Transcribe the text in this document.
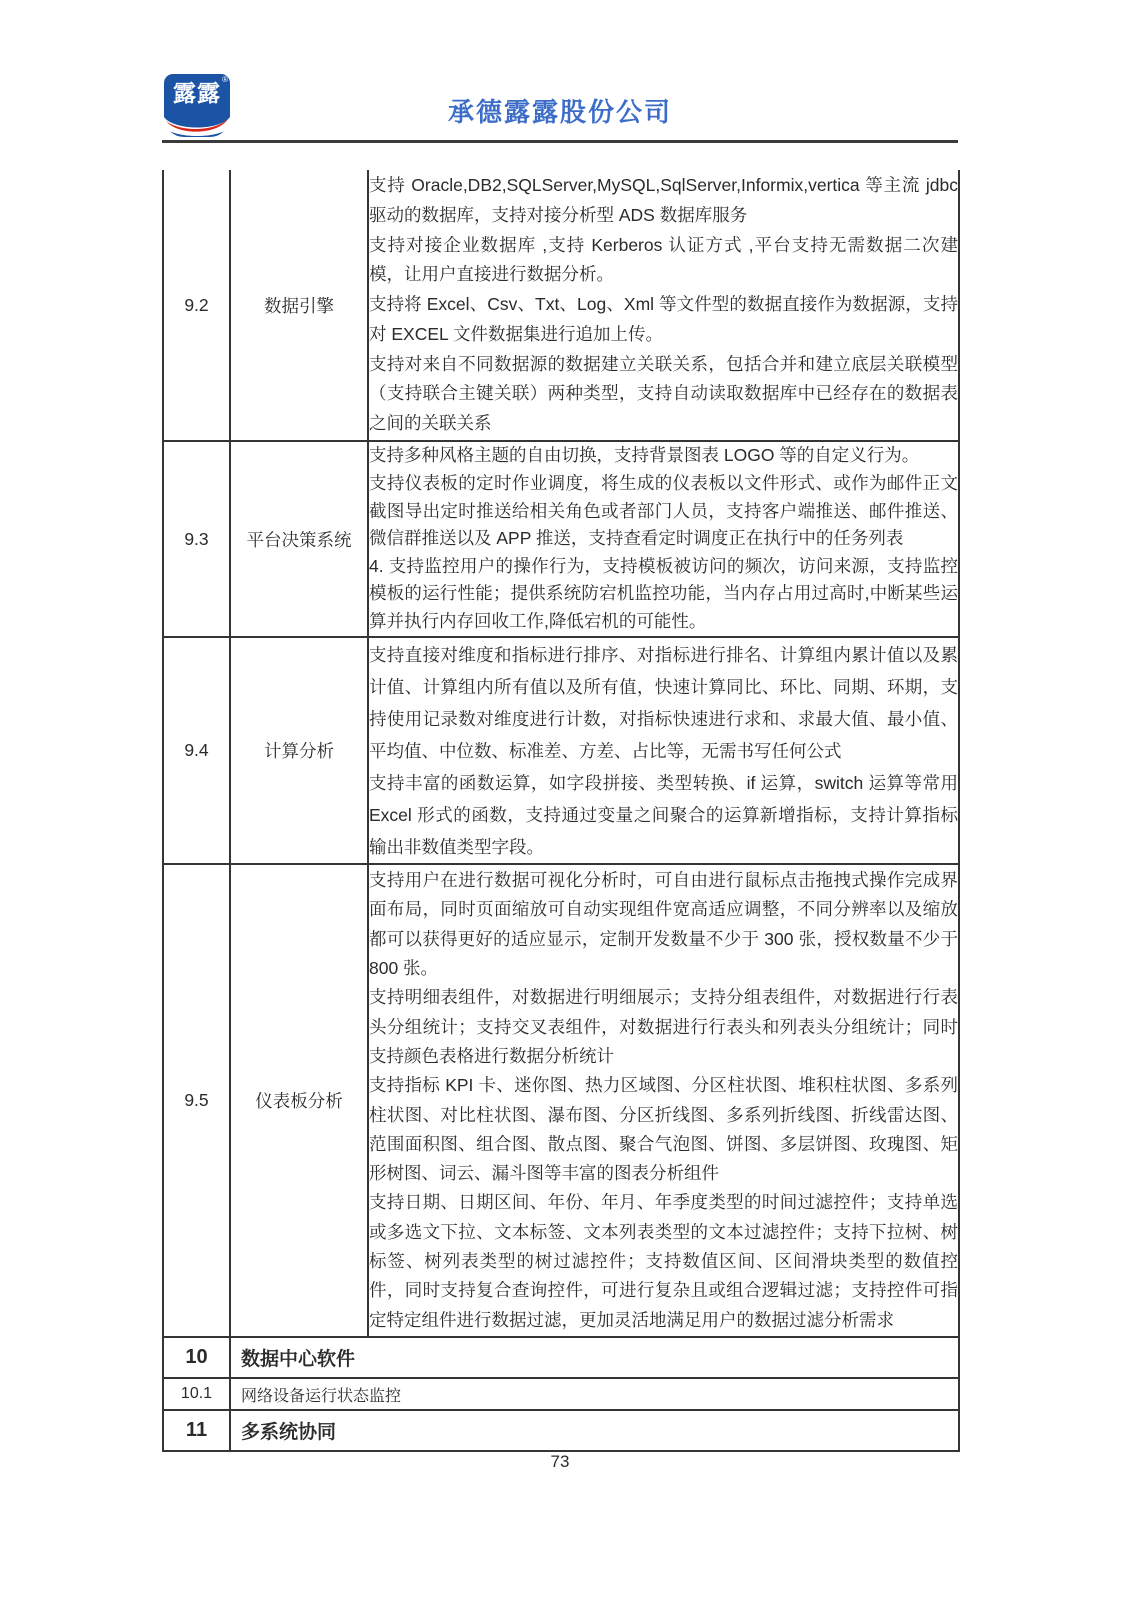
露露
®
承德露露股份公司
9.2	数据引擎	支持 Oracle,DB2,SQLServer,MySQL,SqlServer,Informix,vertica 等主流 jdbc 驱动的数据库，支持对接分析型 ADS 数据库服务
支持对接企业数据库 ,支持 Kerberos 认证方式 ,平台支持无需数据二次建模，让用户直接进行数据分析。
支持将 Excel、Csv、Txt、Log、Xml 等文件型的数据直接作为数据源，支持对 EXCEL 文件数据集进行追加上传。
支持对来自不同数据源的数据建立关联关系，包括合并和建立底层关联模型（支持联合主键关联）两种类型，支持自动读取数据库中已经存在的数据表之间的关联关系

9.3	平台决策系统	支持多种风格主题的自由切换，支持背景图表 LOGO 等的自定义行为。
支持仪表板的定时作业调度，将生成的仪表板以文件形式、或作为邮件正文截图导出定时推送给相关角色或者部门人员，支持客户端推送、邮件推送、微信群推送以及 APP 推送，支持查看定时调度正在执行中的任务列表
4. 支持监控用户的操作行为，支持模板被访问的频次，访问来源，支持监控模板的运行性能；提供系统防宕机监控功能，当内存占用过高时,中断某些运算并执行内存回收工作,降低宕机的可能性。

9.4	计算分析	支持直接对维度和指标进行排序、对指标进行排名、计算组内累计值以及累计值、计算组内所有值以及所有值，快速计算同比、环比、同期、环期，支持使用记录数对维度进行计数，对指标快速进行求和、求最大值、最小值、平均值、中位数、标准差、方差、占比等，无需书写任何公式
支持丰富的函数运算，如字段拼接、类型转换、if 运算，switch 运算等常用 Excel 形式的函数，支持通过变量之间聚合的运算新增指标，支持计算指标输出非数值类型字段。

9.5	仪表板分析	支持用户在进行数据可视化分析时，可自由进行鼠标点击拖拽式操作完成界面布局，同时页面缩放可自动实现组件宽高适应调整，不同分辨率以及缩放都可以获得更好的适应显示，定制开发数量不少于 300 张，授权数量不少于 800 张。
支持明细表组件，对数据进行明细展示；支持分组表组件，对数据进行行表头分组统计；支持交叉表组件，对数据进行行表头和列表头分组统计；同时支持颜色表格进行数据分析统计
支持指标 KPI 卡、迷你图、热力区域图、分区柱状图、堆积柱状图、多系列柱状图、对比柱状图、瀑布图、分区折线图、多系列折线图、折线雷达图、范围面积图、组合图、散点图、聚合气泡图、饼图、多层饼图、玫瑰图、矩形树图、词云、漏斗图等丰富的图表分析组件
支持日期、日期区间、年份、年月、年季度类型的时间过滤控件；支持单选或多选文下拉、文本标签、文本列表类型的文本过滤控件；支持下拉树、树标签、树列表类型的树过滤控件；支持数值区间、区间滑块类型的数值控件，同时支持复合查询控件，可进行复杂且或组合逻辑过滤；支持控件可指定特定组件进行数据过滤，更加灵活地满足用户的数据过滤分析需求

10	数据中心软件	
10.1	网络设备运行状态监控	
11	多系统协同	
73
